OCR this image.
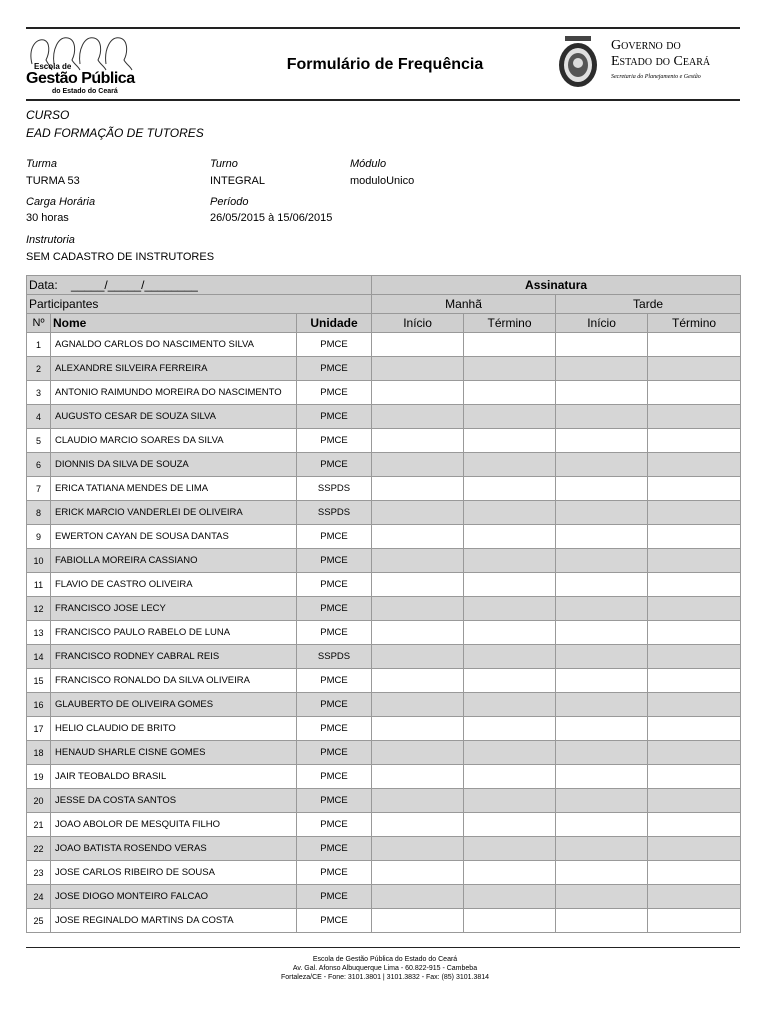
Escola de
Gestão Pública
do Estado do Ceará
Formulário de Frequência
Governo do
Estado do Ceará
Secretaria do Planejamento e Gestão
CURSO
EAD FORMAÇÃO DE TUTORES
Turma
TURMA 53
Turno
INTEGRAL
Módulo
moduloUnico
Carga Horária
30 horas
Período
26/05/2015 à 15/06/2015
Instrutoria
SEM CADASTRO DE INSTRUTORES
Data: _____/_____/________			Assinatura			
Participantes			Manhã		Tarde	
Nº	Nome	Unidade	Início	Término	Início	Término
1	AGNALDO CARLOS DO NASCIMENTO SILVA	PMCE				
2	ALEXANDRE SILVEIRA FERREIRA	PMCE				
3	ANTONIO RAIMUNDO MOREIRA DO NASCIMENTO	PMCE				
4	AUGUSTO CESAR DE SOUZA SILVA	PMCE				
5	CLAUDIO MARCIO SOARES DA SILVA	PMCE				
6	DIONNIS DA SILVA DE SOUZA	PMCE				
7	ERICA TATIANA MENDES DE LIMA	SSPDS				
8	ERICK MARCIO VANDERLEI DE OLIVEIRA	SSPDS				
9	EWERTON CAYAN DE SOUSA DANTAS	PMCE				
10	FABIOLLA MOREIRA CASSIANO	PMCE				
11	FLAVIO DE CASTRO OLIVEIRA	PMCE				
12	FRANCISCO JOSE LECY	PMCE				
13	FRANCISCO PAULO RABELO DE LUNA	PMCE				
14	FRANCISCO RODNEY CABRAL REIS	SSPDS				
15	FRANCISCO RONALDO DA SILVA OLIVEIRA	PMCE				
16	GLAUBERTO DE OLIVEIRA GOMES	PMCE				
17	HELIO CLAUDIO DE BRITO	PMCE				
18	HENAUD SHARLE CISNE GOMES	PMCE				
19	JAIR TEOBALDO BRASIL	PMCE				
20	JESSE DA COSTA SANTOS	PMCE				
21	JOAO ABOLOR DE MESQUITA FILHO	PMCE				
22	JOAO BATISTA ROSENDO VERAS	PMCE				
23	JOSE CARLOS RIBEIRO DE SOUSA	PMCE				
24	JOSE DIOGO MONTEIRO FALCAO	PMCE				
25	JOSE REGINALDO MARTINS DA COSTA	PMCE				
Escola de Gestão Pública do Estado do Ceará
Av. Gal. Afonso Albuquerque Lima - 60.822-915 - Cambeba
Fortaleza/CE - Fone: 3101.3801 | 3101.3832 - Fax: (85) 3101.3814
